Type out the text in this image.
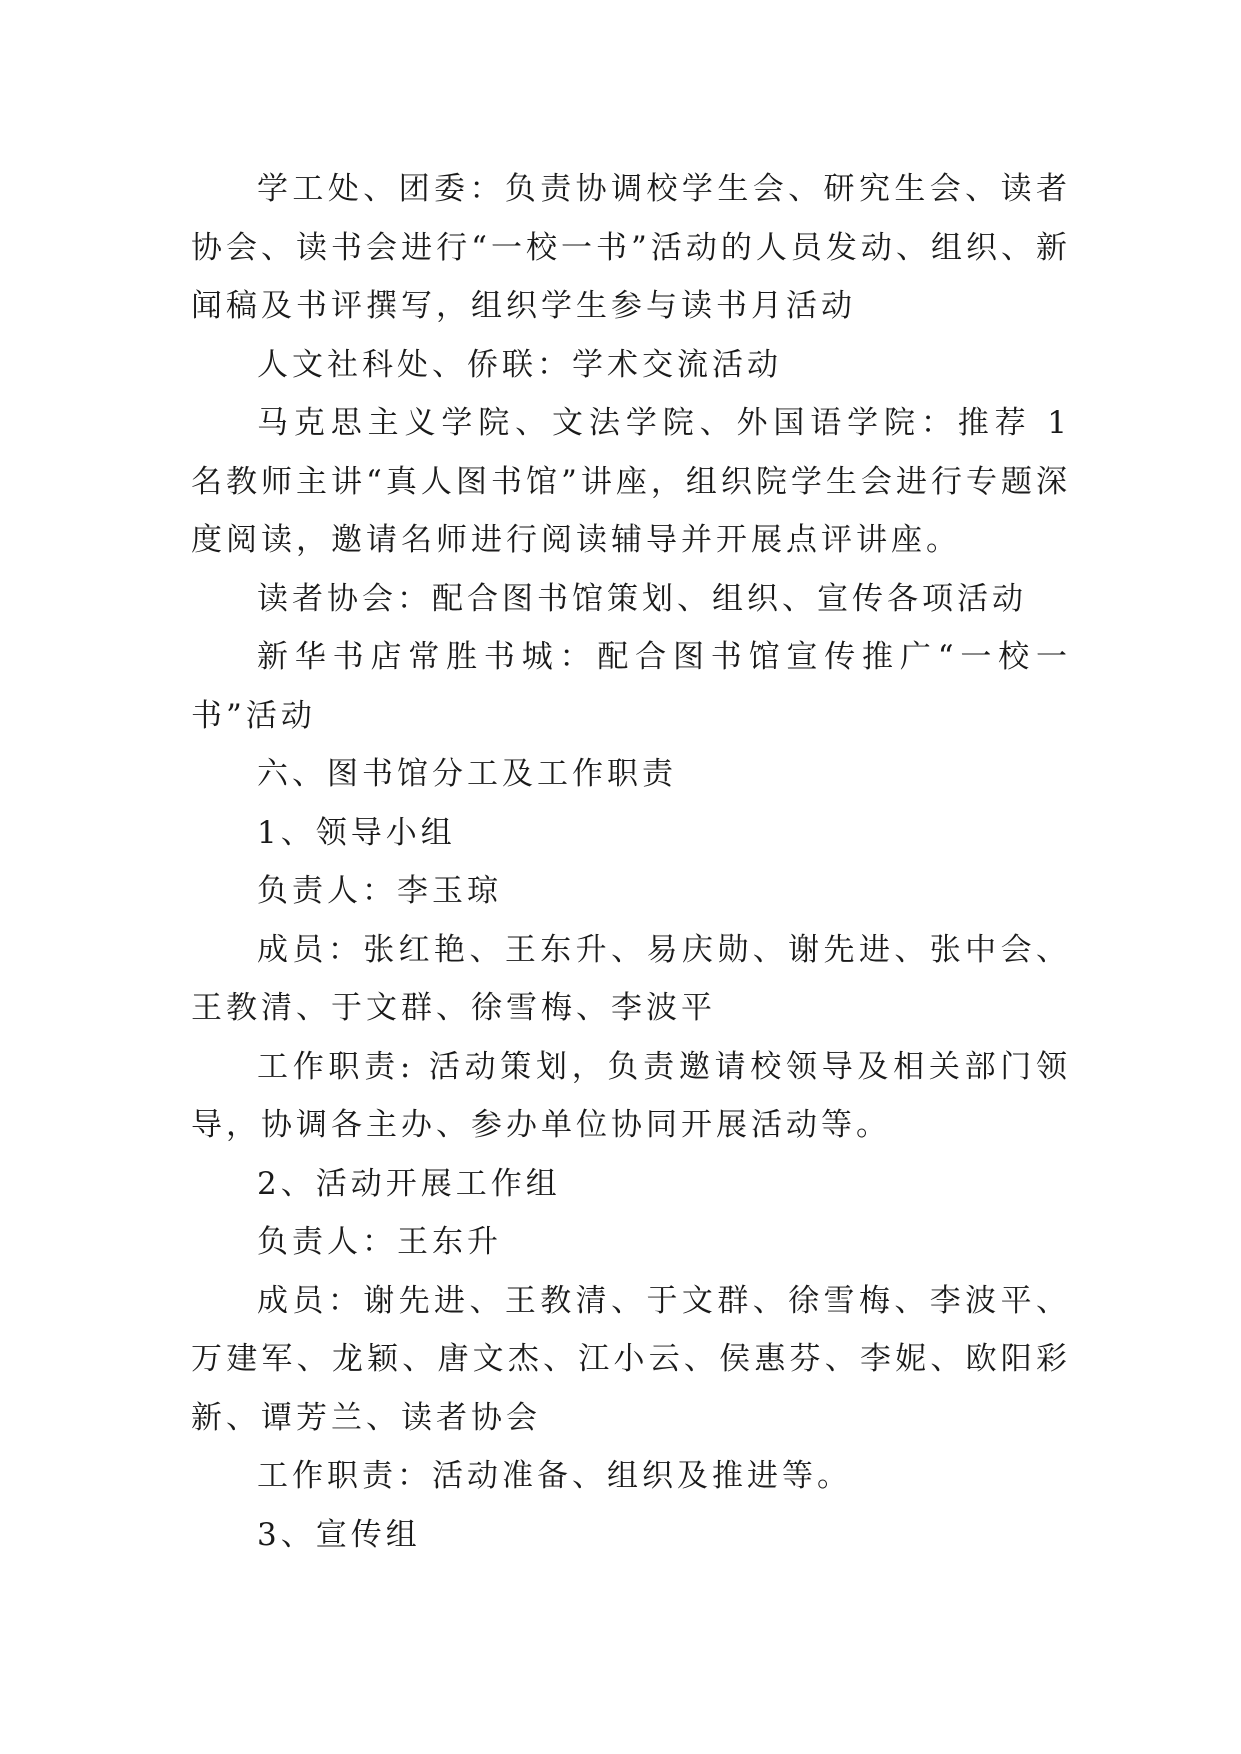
学工处、团委：负责协调校学生会、研究生会、读者协会、读书会进行“一校一书”活动的人员发动、组织、新闻稿及书评撰写，组织学生参与读书月活动

人文社科处、侨联：学术交流活动

马克思主义学院、文法学院、外国语学院：推荐 1 名教师主讲“真人图书馆”讲座，组织院学生会进行专题深度阅读，邀请名师进行阅读辅导并开展点评讲座。

读者协会：配合图书馆策划、组织、宣传各项活动

新华书店常胜书城：配合图书馆宣传推广“一校一书”活动

六、图书馆分工及工作职责

1、领导小组

负责人：李玉琼

成员：张红艳、王东升、易庆勋、谢先进、张中会、王教清、于文群、徐雪梅、李波平

工作职责: 活动策划，负责邀请校领导及相关部门领导，协调各主办、参办单位协同开展活动等。

2、活动开展工作组

负责人：王东升

成员：谢先进、王教清、于文群、徐雪梅、李波平、万建军、龙颖、唐文杰、江小云、侯惠芬、李妮、欧阳彩新、谭芳兰、读者协会

工作职责：活动准备、组织及推进等。

3、宣传组
